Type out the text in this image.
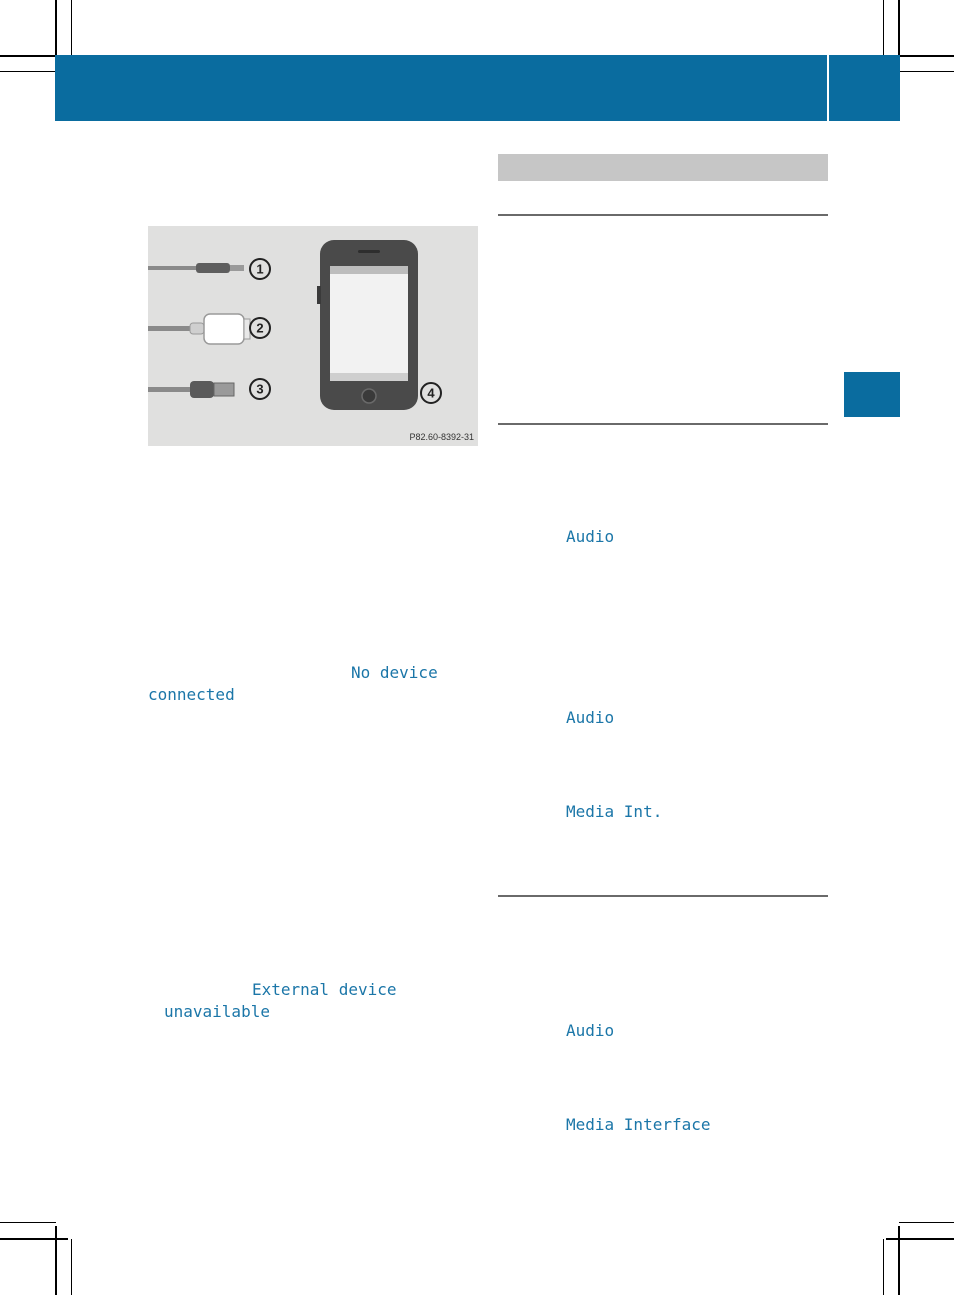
1
2
3	4
P82.60-8392-31
No device
connected
External device
unavailable
Audio
Audio
Media Int.
Audio
Media Interface
